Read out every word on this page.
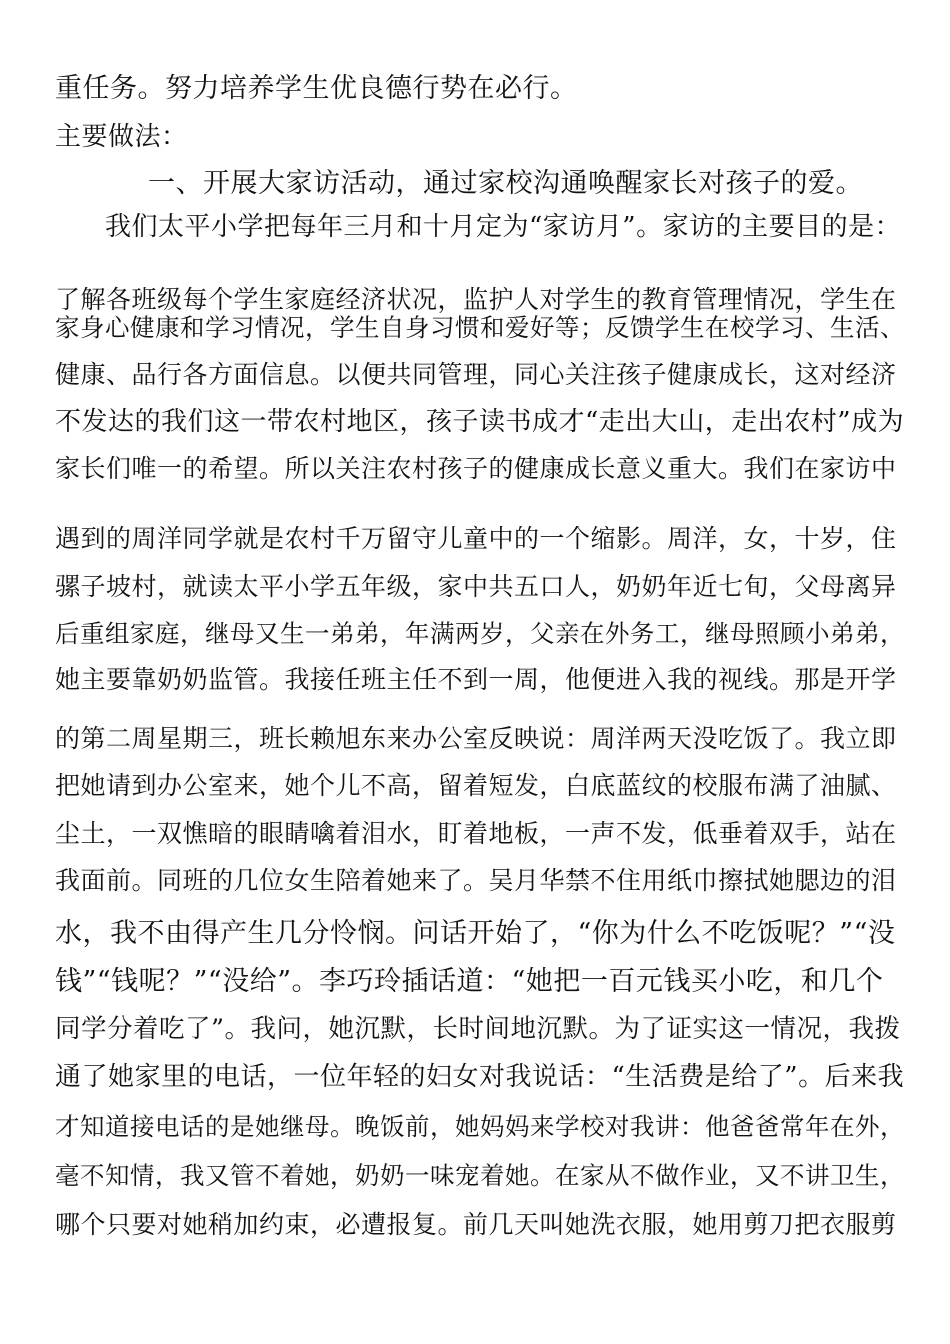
重任务。努力培养学生优良德行势在必行。
主要做法：
一、开展大家访活动，通过家校沟通唤醒家长对孩子的爱。
我们太平小学把每年三月和十月定为“家访月”。家访的主要目的是：
了解各班级每个学生家庭经济状况，监护人对学生的教育管理情况，学生在
家身心健康和学习情况，学生自身习惯和爱好等；反馈学生在校学习、生活、
健康、品行各方面信息。以便共同管理，同心关注孩子健康成长，这对经济
不发达的我们这一带农村地区，孩子读书成才“走出大山，走出农村”成为
家长们唯一的希望。所以关注农村孩子的健康成长意义重大。我们在家访中
遇到的周洋同学就是农村千万留守儿童中的一个缩影。周洋，女，十岁，住
骡子坡村，就读太平小学五年级，家中共五口人，奶奶年近七旬，父母离异
后重组家庭，继母又生一弟弟，年满两岁，父亲在外务工，继母照顾小弟弟，
她主要靠奶奶监管。我接任班主任不到一周，他便进入我的视线。那是开学
的第二周星期三，班长赖旭东来办公室反映说：周洋两天没吃饭了。我立即
把她请到办公室来，她个儿不高，留着短发，白底蓝纹的校服布满了油腻、
尘土，一双憔暗的眼睛噙着泪水，盯着地板，一声不发，低垂着双手，站在
我面前。同班的几位女生陪着她来了。吴月华禁不住用纸巾擦拭她腮边的泪
水，我不由得产生几分怜悯。问话开始了，“你为什么不吃饭呢？”“没
钱”“钱呢？”“没给”。李巧玲插话道：“她把一百元钱买小吃，和几个
同学分着吃了”。我问，她沉默，长时间地沉默。为了证实这一情况，我拨
通了她家里的电话，一位年轻的妇女对我说话：“生活费是给了”。后来我
才知道接电话的是她继母。晚饭前，她妈妈来学校对我讲：他爸爸常年在外，
毫不知情，我又管不着她，奶奶一味宠着她。在家从不做作业，又不讲卫生，
哪个只要对她稍加约束，必遭报复。前几天叫她洗衣服，她用剪刀把衣服剪
